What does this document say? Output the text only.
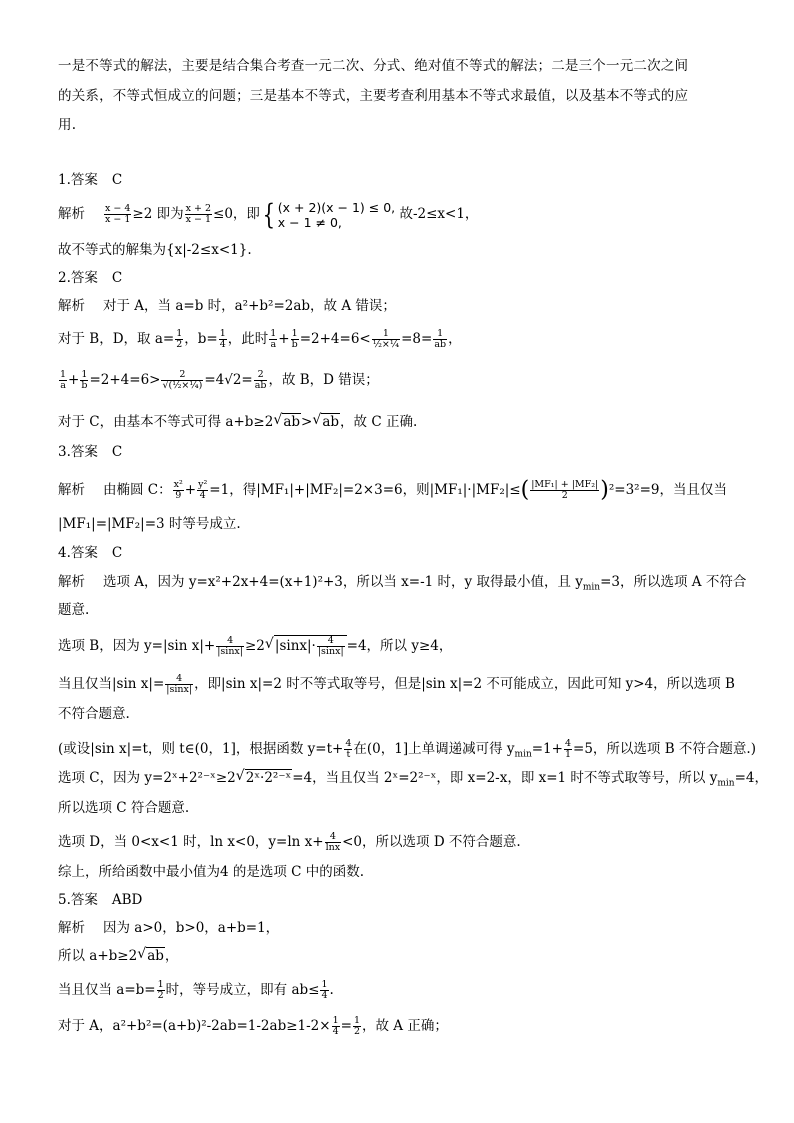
一是不等式的解法，主要是结合集合考查一元二次、分式、绝对值不等式的解法；二是三个一元二次之间
的关系，不等式恒成立的问题；三是基本不等式，主要考查利用基本不等式求最值，以及基本不等式的应
用.
1.答案 C
解析 $\frac{x - 4}{x - 1} \ge 2$ 即为 $\frac{x + 2}{x - 1} \le 0$，即{ (x + 2)(x − 1) ≤ 0,
x − 1 ≠ 0,	故-2≤x<1，
故不等式的解集为{x|-2≤x<1}.
2.答案 C
解析 对于 A，当 a=b 时，a²+b²=2ab，故 A 错误；
对于 B，D，取 $a= \frac{1}{2}$ ，$b= \frac{1}{4}$ ，此时 $\frac{1}{a} + \frac{1}{b} =2+4=6< \frac{1}{\text{½×¼}} =8= \frac{1}{ab}$ ，
$\frac{1}{a} + \frac{1}{b} =2+4=6> \frac{2}{\text{√(½×¼)}} =4√2= \frac{2}{ab}$ ，故 B，D 错误；
对于 C，由基本不等式可得 a+b≥2√ ab>√ ab，故 C 正确.
3.答案 C
解析 由椭圆 C： $\frac{\text{x²}}{9} + \frac{\text{y²}}{4} =1$，得|MF₁|+|MF₂|=2×3=6，则$|MF_1|\cdot|MF_2|\le( \frac{\text{|MF₁| + |MF₂|}}{2} )^2=3^2=9$，当且仅当
|MF₁|=|MF₂|=3 时等号成立.
4.答案 C
解析 选项 A，因为 y=x²+2x+4=(x+1)²+3，所以当 x=-1 时，y 取得最小值，且 $y_{min}=3$，所以选项 A 不符合
题意.
选项 B，因为 y=|sin $x|+ \frac{4}{|\sin x|} \ge 2√$ $|\sin x|\cdot \frac{4}{|\sin x|} =4$，所以 y≥4，
当且仅当|sin $x|= \frac{4}{|\sin x|}$ ，即|sin x|=2 时不等式取等号，但是|sin x|=2 不可能成立，因此可知 y>4，所以选项 B
不符合题意.
(或设|sin x|=t，则 t∈(0，1]，根据函数 $y=t+ \frac{4}{t}$ 在(0，1]上单调递减可得 $y_{min}=1+ \frac{4}{1} =5$，所以选项 B 不符合题意.)
选项 C，因为 y=2ˣ+2²⁻ˣ≥2√ 2ˣ·2²⁻ˣ=4，当且仅当 2ˣ=2²⁻ˣ，即 x=2-x，即 x=1 时不等式取等号，所以 $y_{min}=4$，
所以选项 C 符合题意.
选项 D，当 0<x<1 时，ln x<0，y=ln $x+ \frac{4}{\ln x} <0$，所以选项 D 不符合题意.
综上，所给函数中最小值为4 的是选项 C 中的函数.
5.答案 ABD
解析 因为 a>0，b>0，a+b=1，
所以 a+b≥2√ ab，
当且仅当 $a=b= \frac{1}{2}$ 时，等号成立，即有 $ab\le \frac{1}{4}$ .
对于 A，$a^2+b^2=(a+b)^2-2ab=1-2ab\ge 1-2\times \frac{1}{4} = \frac{1}{2}$ ，故 A 正确；
